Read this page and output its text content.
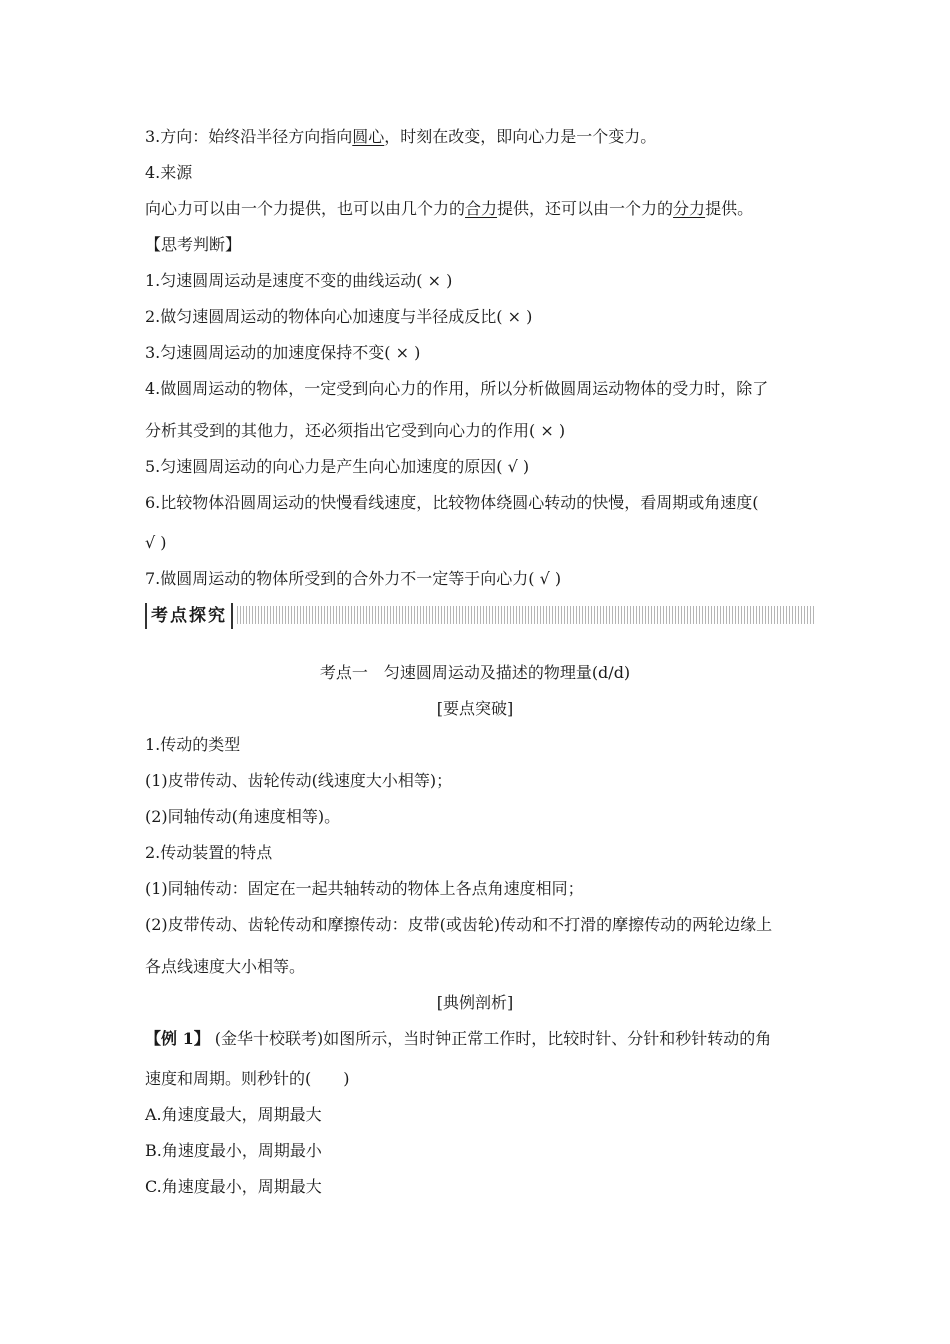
3.方向：始终沿半径方向指向圆心，时刻在改变，即向心力是一个变力。
4.来源
向心力可以由一个力提供，也可以由几个力的合力提供，还可以由一个力的分力提供。
【思考判断】
1.匀速圆周运动是速度不变的曲线运动( × )
2.做匀速圆周运动的物体向心加速度与半径成反比( × )
3.匀速圆周运动的加速度保持不变( × )
4.做圆周运动的物体，一定受到向心力的作用，所以分析做圆周运动物体的受力时，除了
分析其受到的其他力，还必须指出它受到向心力的作用( × )
5.匀速圆周运动的向心力是产生向心加速度的原因( √ )
6.比较物体沿圆周运动的快慢看线速度，比较物体绕圆心转动的快慢，看周期或角速度(
√ )
7.做圆周运动的物体所受到的合外力不一定等于向心力( √ )
考点探究
考点一　匀速圆周运动及描述的物理量(d/d)
[要点突破]
1.传动的类型
(1)皮带传动、齿轮传动(线速度大小相等)；
(2)同轴传动(角速度相等)。
2.传动装置的特点
(1)同轴传动：固定在一起共轴转动的物体上各点角速度相同；
(2)皮带传动、齿轮传动和摩擦传动：皮带(或齿轮)传动和不打滑的摩擦传动的两轮边缘上
各点线速度大小相等。
[典例剖析]
【例 1】 (金华十校联考)如图所示，当时钟正常工作时，比较时针、分针和秒针转动的角
速度和周期。则秒针的(　　)
A.角速度最大，周期最大
B.角速度最小，周期最小
C.角速度最小，周期最大
